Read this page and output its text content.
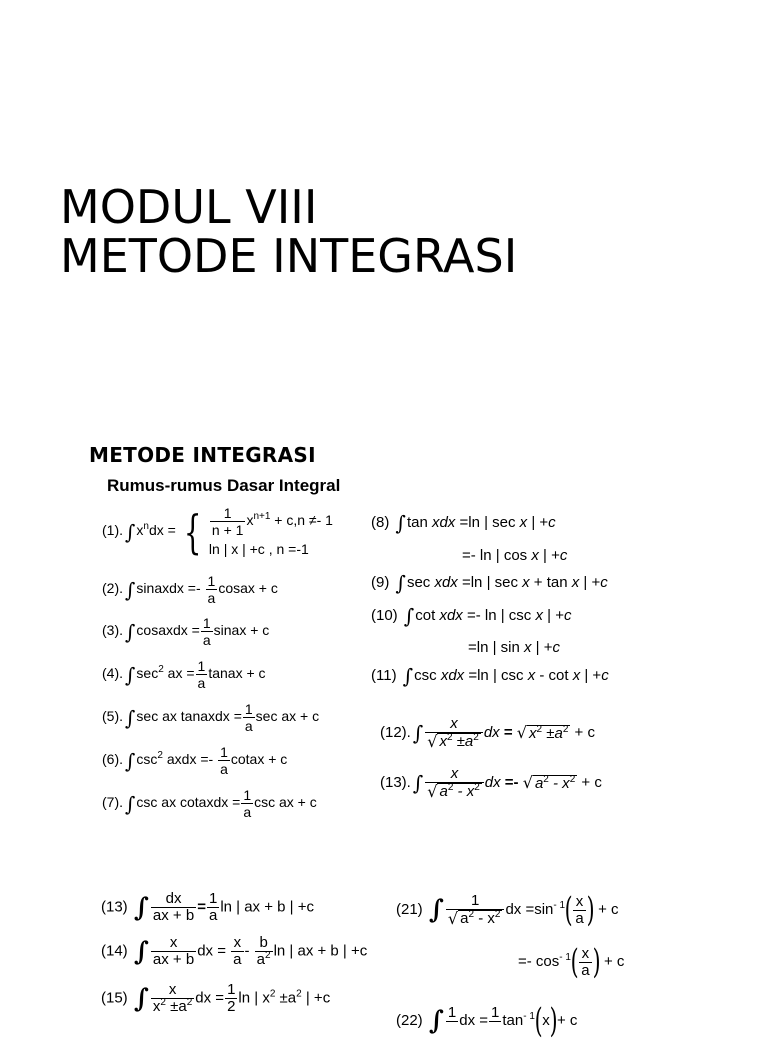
MODUL VIII
METODE INTEGRASI
METODE INTEGRASI
Rumus-rumus Dasar Integral
(1). $\int x^ndx$ = { $\frac{1}{n + 1} x^{n+1} + c,n \ne- 1$
ln | x | +c , n =-1
(2). ∫sinaxdx =- $\frac{1}{a}$ cosax + c
(3). ∫cosaxdx = $\frac{1}{a}$ sinax + c
(4). $\int\sec^2$ ax = $\frac{1}{a}$ tanax + c
(5). ∫sec ax tanaxdx = $\frac{1}{a}$ sec ax + c
(6). $\int\csc^2$ axdx =- $\frac{1}{a}$ cotax + c
(7). ∫csc ax cotaxdx = $\frac{1}{a}$ csc ax + c
(8) ∫tan xdx =ln | sec x | +c
=- ln | cos x | +c
(9) ∫sec xdx =ln | sec x + tan x | +c
(10) ∫cot xdx =- ln | csc x | +c
=ln | sin x | +c
(11) ∫csc xdx =ln | csc x - cot x | +c
(12). ∫ $\frac{x}{√ x^2 \pm a^2}$ dx = √ $x^2 \pm a^2 + c$
(13). ∫ $\frac{x}{√ a^2 - x^2}$ dx =- √ $a^2 - x^2 + c$
(13) ∫ $\frac{dx}{ax + b} = \frac{1}{a}$ ln | ax + b | +c
(14) ∫ $\frac{x}{ax + b}$ dx = $\frac{x}{a} - \frac{b}{a^2}$ ln | ax + b | +c
(15) ∫ $\frac{x}{x^2 \pm a^2}$ dx = $\frac{1}{2}$ ln | $x^2 \pm a^2$ | +c
(21) ∫ $\frac{1}{√ a^2 - x^2}$ dx $=\sin^{- 1}( \frac{x}{a}$ ) + c
=- $\cos^{- 1}( \frac{x}{a}$ ) + c
(22) ∫ 1
dx = 1
$\tan^{- 1}(x)+ c$
